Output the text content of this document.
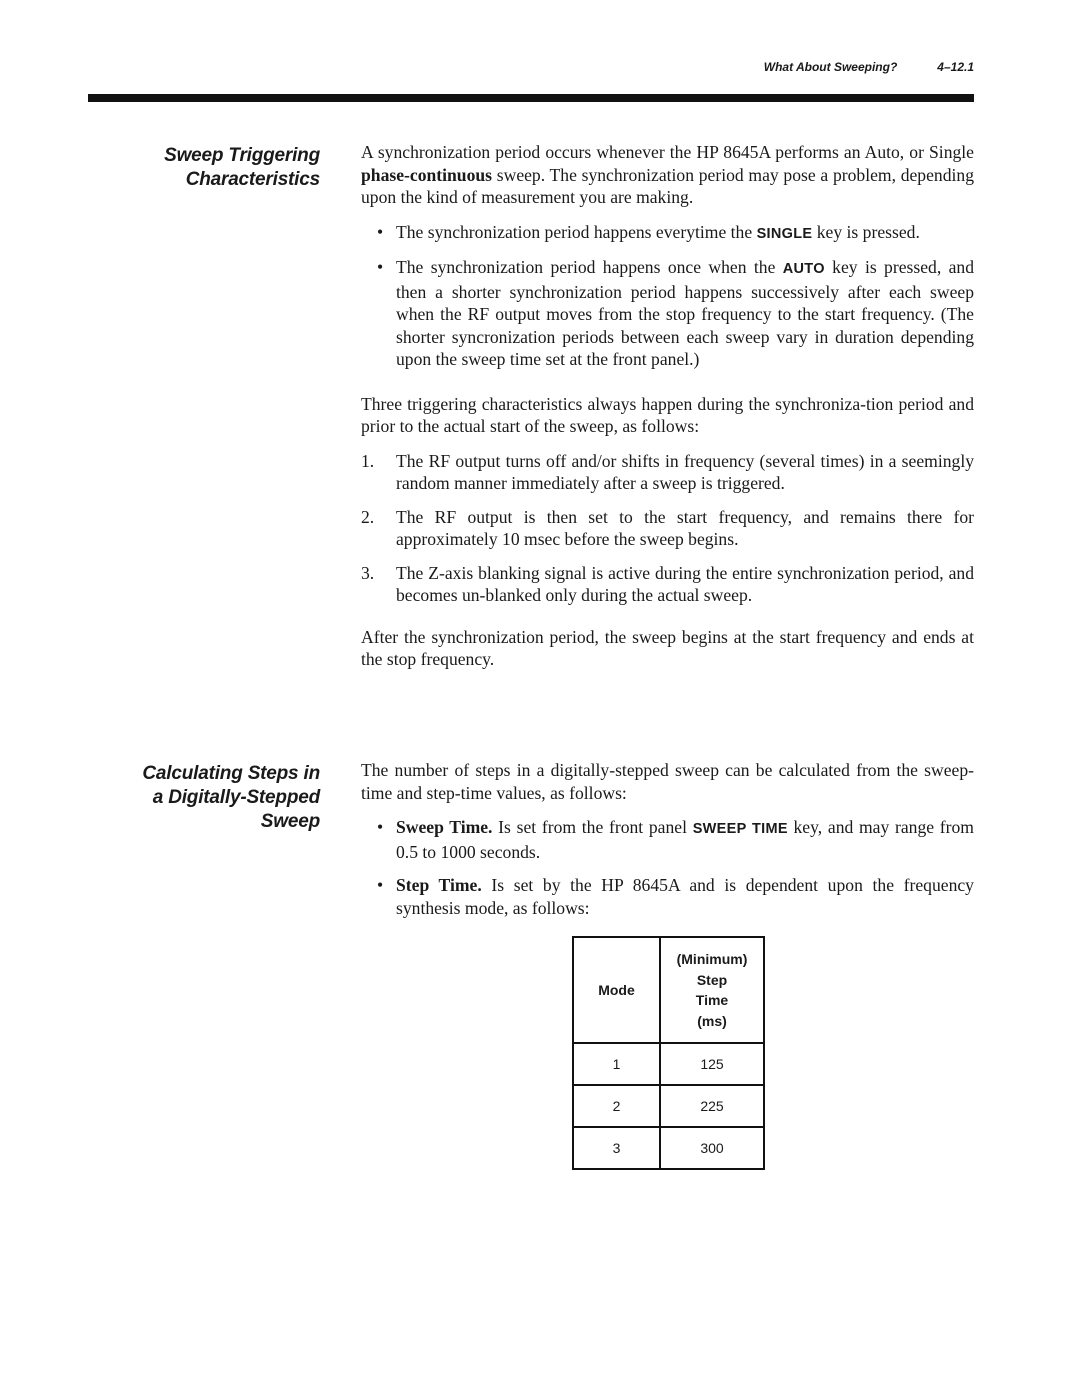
What About Sweeping?	4–12.1
Sweep Triggering
Characteristics

A synchronization period occurs whenever the HP 8645A performs an Auto, or Single phase-continuous sweep. The synchronization period may pose a problem, depending upon the kind of measurement you are making.

• The synchronization period happens everytime the SINGLE key is pressed.
• The synchronization period happens once when the AUTO key is pressed, and then a shorter synchronization period happens successively after each sweep when the RF output moves from the stop frequency to the start frequency. (The shorter syncronization periods between each sweep vary in duration depending upon the sweep time set at the front panel.)

Three triggering characteristics always happen during the synchroniza-tion period and prior to the actual start of the sweep, as follows:

1. The RF output turns off and/or shifts in frequency (several times) in a seemingly random manner immediately after a sweep is triggered.
2. The RF output is then set to the start frequency, and remains there for approximately 10 msec before the sweep begins.
3. The Z-axis blanking signal is active during the entire synchronization period, and becomes un-blanked only during the actual sweep.

After the synchronization period, the sweep begins at the start frequency and ends at the stop frequency.

Calculating Steps in
a Digitally-Stepped
Sweep

The number of steps in a digitally-stepped sweep can be calculated from the sweep-time and step-time values, as follows:

• Sweep Time. Is set from the front panel SWEEP TIME key, and may range from 0.5 to 1000 seconds.
• Step Time. Is set by the HP 8645A and is dependent upon the frequency synthesis mode, as follows:
Mode	(Minimum)
Step
Time
(ms)

1	125
2	225
3	300
